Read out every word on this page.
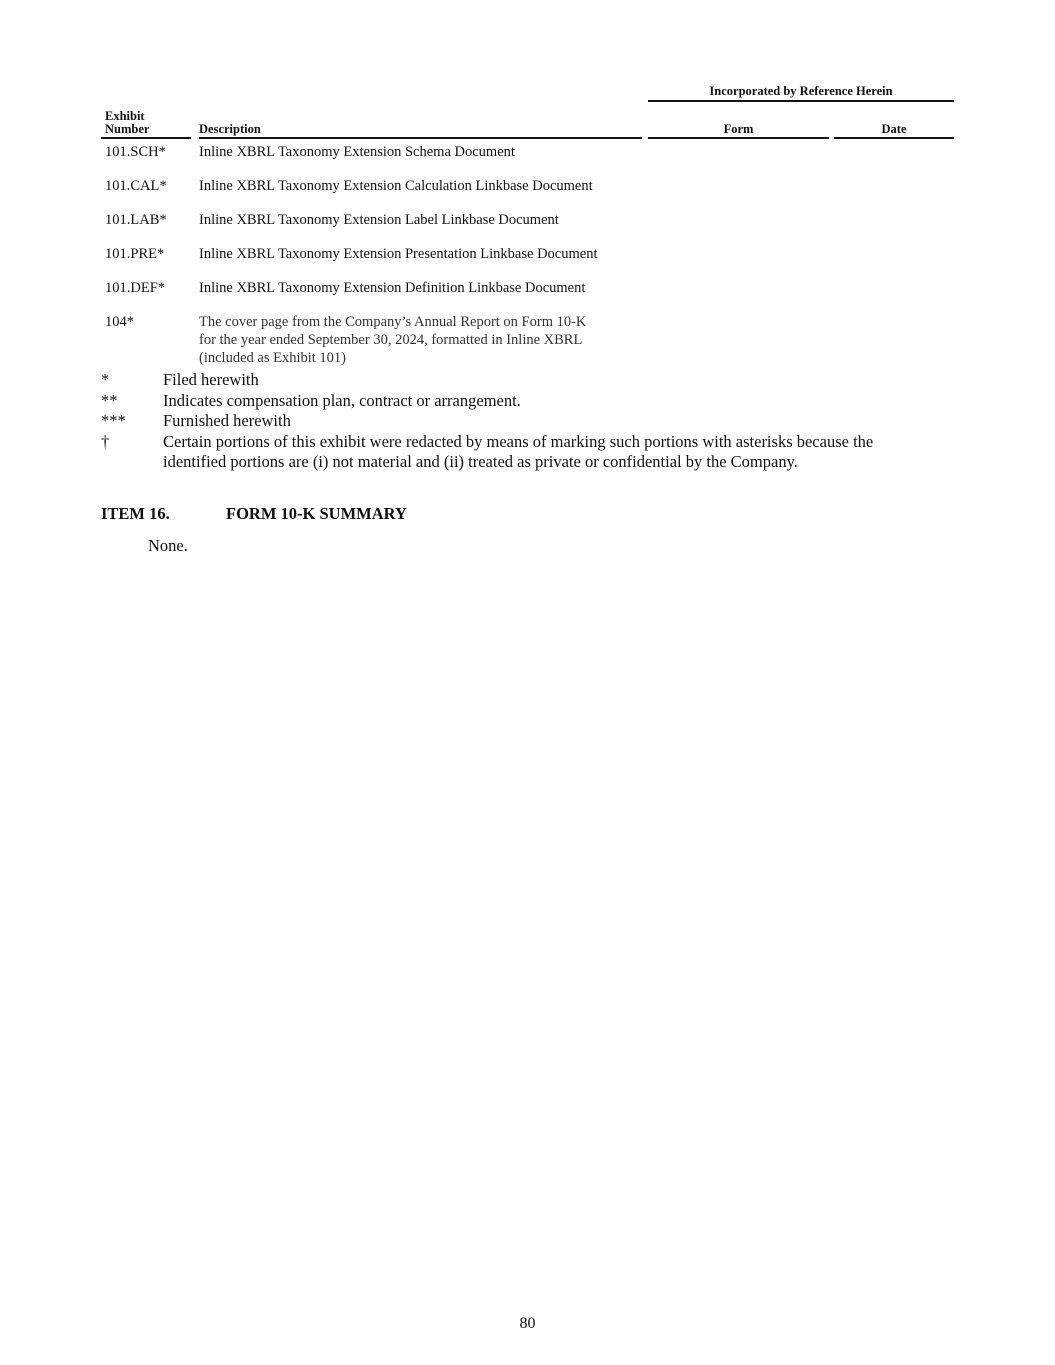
				Incorporated by Reference Herein		
Exhibit
Number		Description		Form		Date
101.SCH*		Inline XBRL Taxonomy Extension Schema Document				
101.CAL*		Inline XBRL Taxonomy Extension Calculation Linkbase Document				
101.LAB*		Inline XBRL Taxonomy Extension Label Linkbase Document				
101.PRE*		Inline XBRL Taxonomy Extension Presentation Linkbase Document				
101.DEF*		Inline XBRL Taxonomy Extension Definition Linkbase Document				
104*		The cover page from the Company’s Annual Report on Form 10-K
for the year ended September 30, 2024, formatted in Inline XBRL
(included as Exhibit 101)				

*	Filed herewith
**	Indicates compensation plan, contract or arrangement.
***	Furnished herewith
†	Certain portions of this exhibit were redacted by means of marking such portions with asterisks because the identified portions are (i) not material and (ii) treated as private or confidential by the Company.
ITEM 16.	FORM 10-K SUMMARY
None.
80
